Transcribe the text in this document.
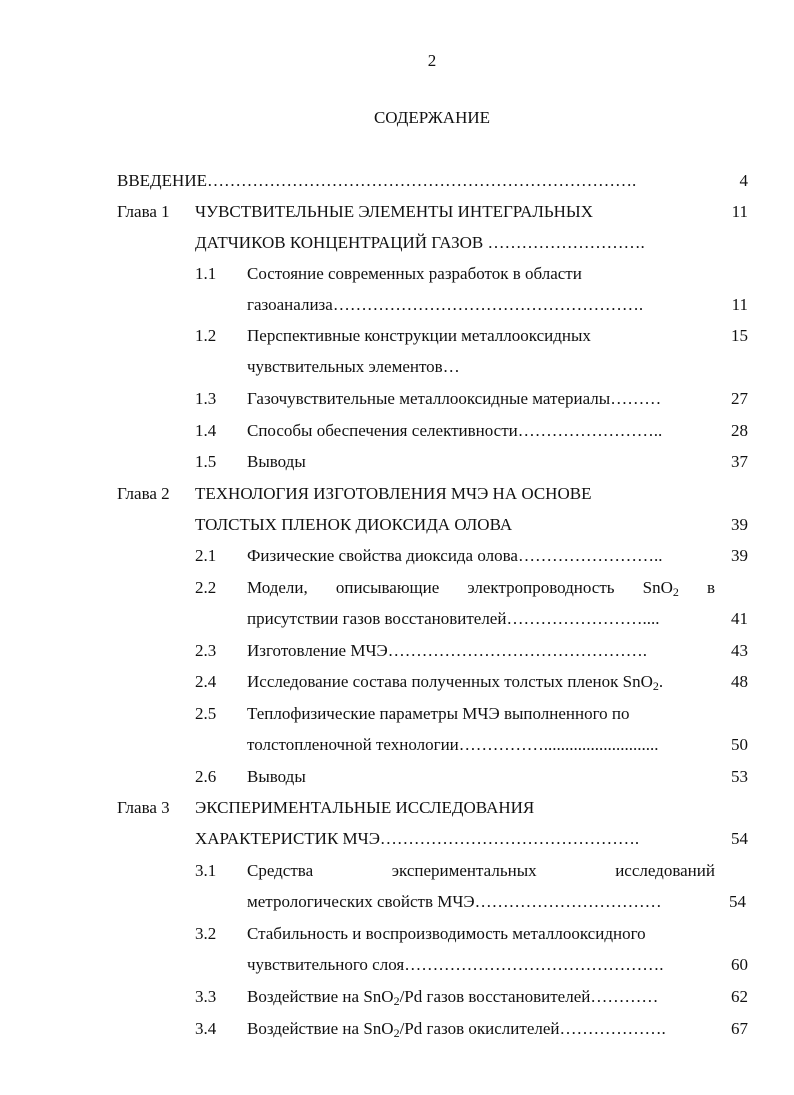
2
СОДЕРЖАНИЕ
ВВЕДЕНИЕ………………………………………………………………….	4
Глава 1 ЧУВСТВИТЕЛЬНЫЕ ЭЛЕМЕНТЫ ИНТЕГРАЛЬНЫХ	11
ДАТЧИКОВ КОНЦЕНТРАЦИЙ ГАЗОВ ……………………….
1.1 Состояние современных разработок в области
газоанализа……………………………………………….	11
1.2 Перспективные конструкции металлооксидных	15
чувствительных элементов…
1.3 Газочувствительные металлооксидные материалы………	27
1.4 Способы обеспечения селективности……………………..	28
1.5 Выводы	37
Глава 2 ТЕХНОЛОГИЯ ИЗГОТОВЛЕНИЯ МЧЭ НА ОСНОВЕ
ТОЛСТЫХ ПЛЕНОК ДИОКСИДА ОЛОВА	39
2.1 Физические свойства диоксида олова……………………..	39
2.2 Модели, описывающие электропроводность SnO$_2$ в
присутствии газов восстановителей……………………....	41
2.3 Изготовление МЧЭ……………………………………….	43
2.4 Исследование состава полученных толстых пленок SnO$_2$.	48
2.5 Теплофизические параметры МЧЭ выполненного по
толстопленочной технологии……………...........................	50
2.6 Выводы	53
Глава 3 ЭКСПЕРИМЕНТАЛЬНЫЕ ИССЛЕДОВАНИЯ
ХАРАКТЕРИСТИК МЧЭ……………………………………….	54
3.1 Средства	экспериментальных	исследований
метрологических свойств МЧЭ……………………………	54
3.2 Стабильность и воспроизводимость металлооксидного
чувствительного слоя……………………………………….	60
3.3 Воздействие на SnO$_2$/Pd газов восстановителей…………	62
3.4 Воздействие на SnO$_2$/Pd газов окислителей……………….	67
